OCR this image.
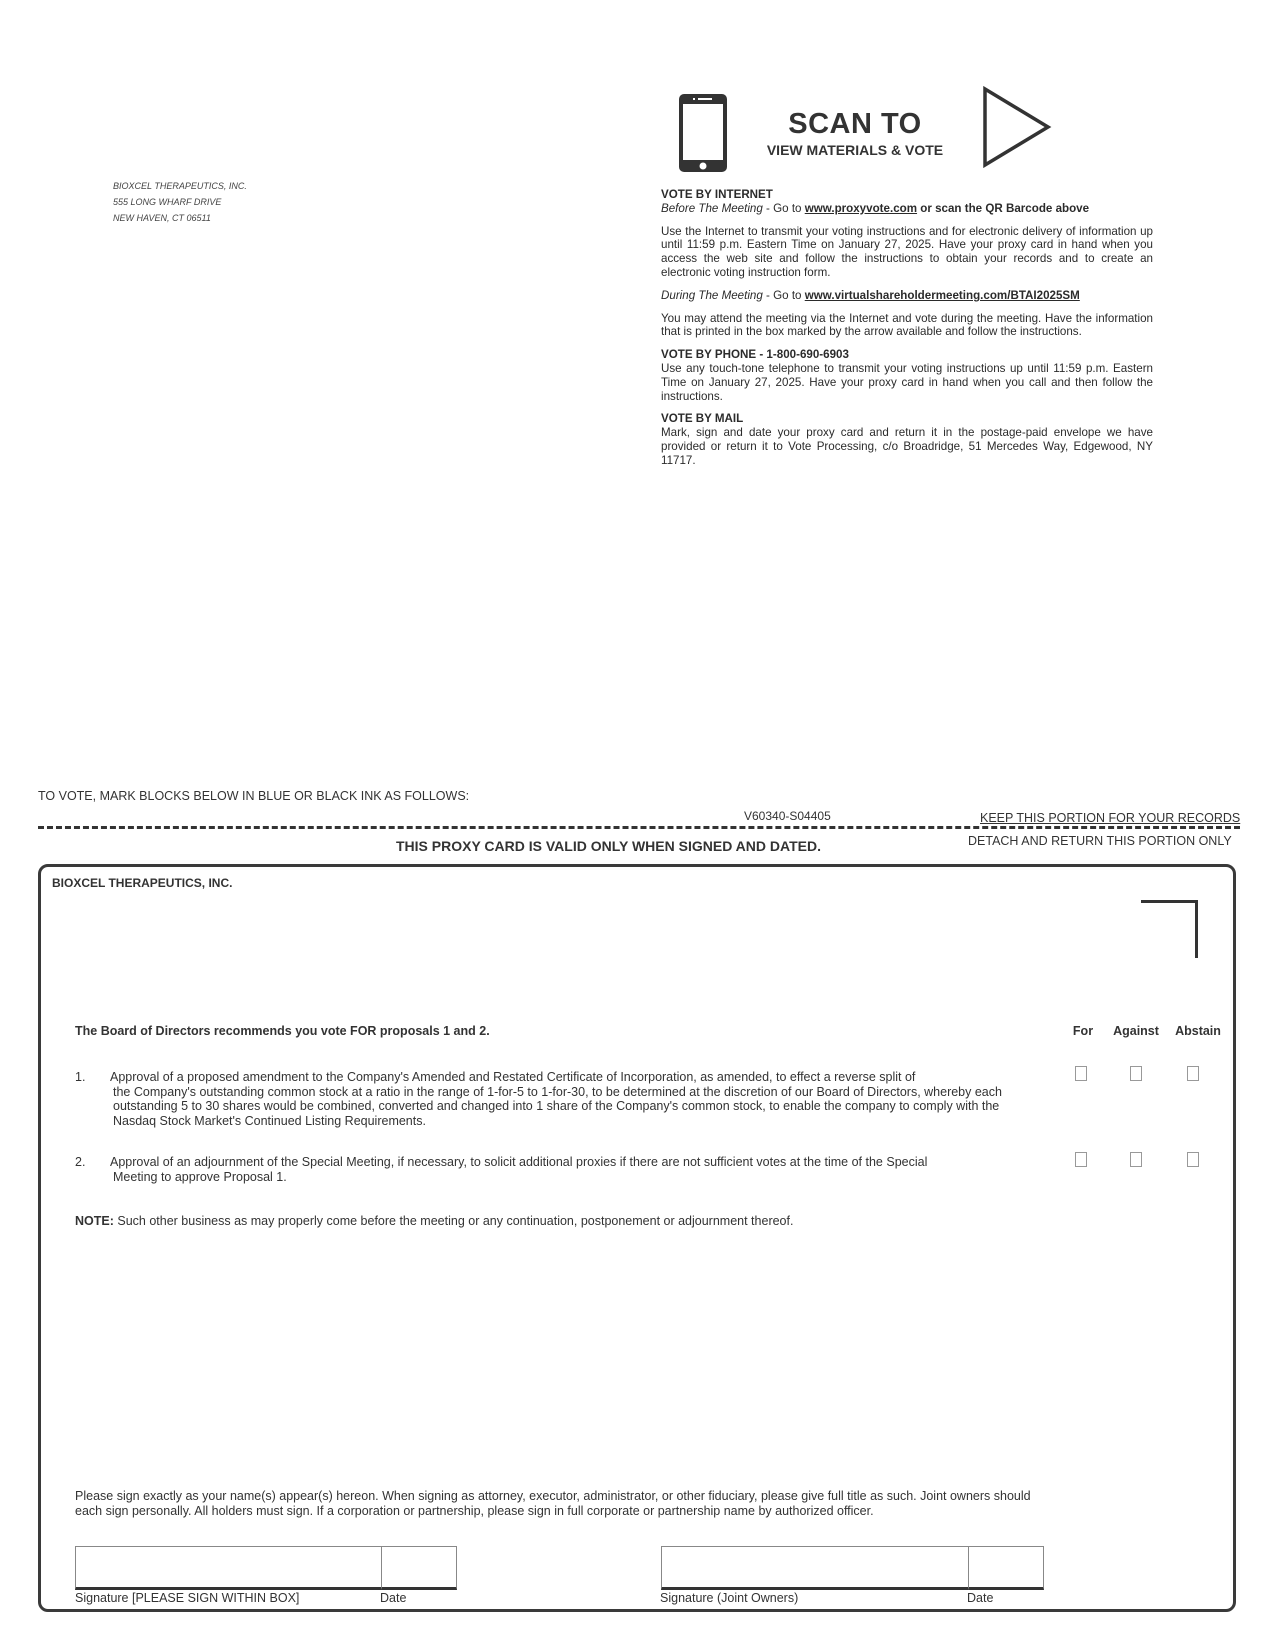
BIOXCEL THERAPEUTICS, INC.
555 LONG WHARF DRIVE
NEW HAVEN, CT 06511
SCAN TO
VIEW MATERIALS & VOTE

VOTE BY INTERNET

Before The Meeting - Go to www.proxyvote.com or scan the QR Barcode above

Use the Internet to transmit your voting instructions and for electronic delivery of information up until 11:59 p.m. Eastern Time on January 27, 2025. Have your proxy card in hand when you access the web site and follow the instructions to obtain your records and to create an electronic voting instruction form.

During The Meeting - Go to www.virtualshareholdermeeting.com/BTAI2025SM

You may attend the meeting via the Internet and vote during the meeting. Have the information that is printed in the box marked by the arrow available and follow the instructions.

VOTE BY PHONE - 1-800-690-6903

Use any touch-tone telephone to transmit your voting instructions up until 11:59 p.m. Eastern Time on January 27, 2025. Have your proxy card in hand when you call and then follow the instructions.

VOTE BY MAIL

Mark, sign and date your proxy card and return it in the postage-paid envelope we have provided or return it to Vote Processing, c/o Broadridge, 51 Mercedes Way, Edgewood, NY 11717.

TO VOTE, MARK BLOCKS BELOW IN BLUE OR BLACK INK AS FOLLOWS:
V60340-S04405	KEEP THIS PORTION FOR YOUR RECORDS
DETACH AND RETURN THIS PORTION ONLY
THIS PROXY CARD IS VALID ONLY WHEN SIGNED AND DATED.
BIOXCEL THERAPEUTICS, INC.
The Board of Directors recommends you vote FOR proposals 1 and 2.	For	Against	Abstain
1. Approval of a proposed amendment to the Company's Amended and Restated Certificate of Incorporation, as amended, to effect a reverse split of
the Company's outstanding common stock at a ratio in the range of 1-for-5 to 1-for-30, to be determined at the discretion of our Board of Directors, whereby each outstanding 5 to 30 shares would be combined, converted and changed into 1 share of the Company's common stock, to enable the company to comply with the Nasdaq Stock Market's Continued Listing Requirements.
2. Approval of an adjournment of the Special Meeting, if necessary, to solicit additional proxies if there are not sufficient votes at the time of the Special
Meeting to approve Proposal 1.
NOTE: Such other business as may properly come before the meeting or any continuation, postponement or adjournment thereof.
Please sign exactly as your name(s) appear(s) hereon. When signing as attorney, executor, administrator, or other fiduciary, please give full title as such. Joint owners should each sign personally. All holders must sign. If a corporation or partnership, please sign in full corporate or partnership name by authorized officer.
Signature [PLEASE SIGN WITHIN BOX]	Date	Signature (Joint Owners)	Date
